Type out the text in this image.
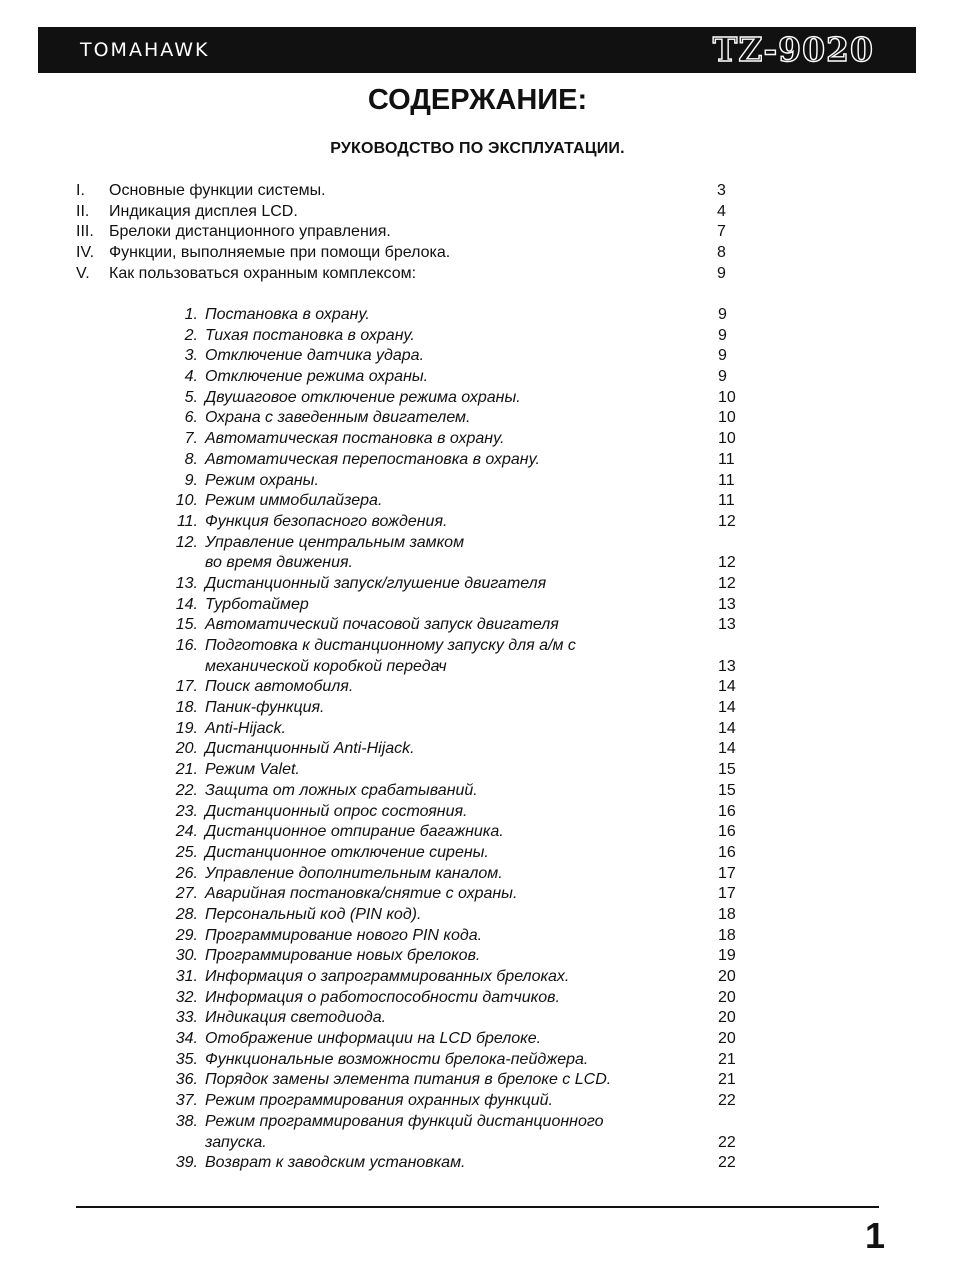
TOMAHAWK	TZ-9020
СОДЕРЖАНИЕ:
РУКОВОДСТВО ПО ЭКСПЛУАТАЦИИ.
I. Основные функции системы.	3
II. Индикация дисплея LCD.	4
III. Брелоки дистанционного управления.	7
IV. Функции, выполняемые при помощи брелока.	8
V. Как пользоваться охранным комплексом:	9
1. Постановка в охрану.	9
2. Тихая постановка в охрану.	9
3. Отключение датчика удара.	9
4. Отключение режима охраны.	9
5. Двушаговое отключение режима охраны.	10
6. Охрана с заведенным двигателем.	10
7. Автоматическая постановка в охрану.	10
8. Автоматическая перепостановка в охрану.	11
9. Режим охраны.	11
10. Режим иммобилайзера.	11
11. Функция безопасного вождения.	12
12. Управление центральным замком
во время движения.	12
13. Дистанционный запуск/глушение двигателя	12
14. Турботаймер	13
15. Автоматический почасовой запуск двигателя	13
16. Подготовка к дистанционному запуску для а/м с
механической коробкой передач	13
17. Поиск автомобиля.	14
18. Паник-функция.	14
19. Anti-Hijack.	14
20. Дистанционный Anti-Hijack.	14
21. Режим Valet.	15
22. Защита от ложных срабатываний.	15
23. Дистанционный опрос состояния.	16
24. Дистанционное отпирание багажника.	16
25. Дистанционное отключение сирены.	16
26. Управление дополнительным каналом.	17
27. Аварийная постановка/снятие с охраны.	17
28. Персональный код (PIN код).	18
29. Программирование нового PIN кода.	18
30. Программирование новых брелоков.	19
31. Информация о запрограммированных брелоках.	20
32. Информация о работоспособности датчиков.	20
33. Индикация светодиода.	20
34. Отображение информации на LCD брелоке.	20
35. Функциональные возможности брелока-пейджера.	21
36. Порядок замены элемента питания в брелоке с LCD.	21
37. Режим программирования охранных функций.	22
38. Режим программирования функций дистанционного
запуска.	22
39. Возврат к заводским установкам.	22
1
